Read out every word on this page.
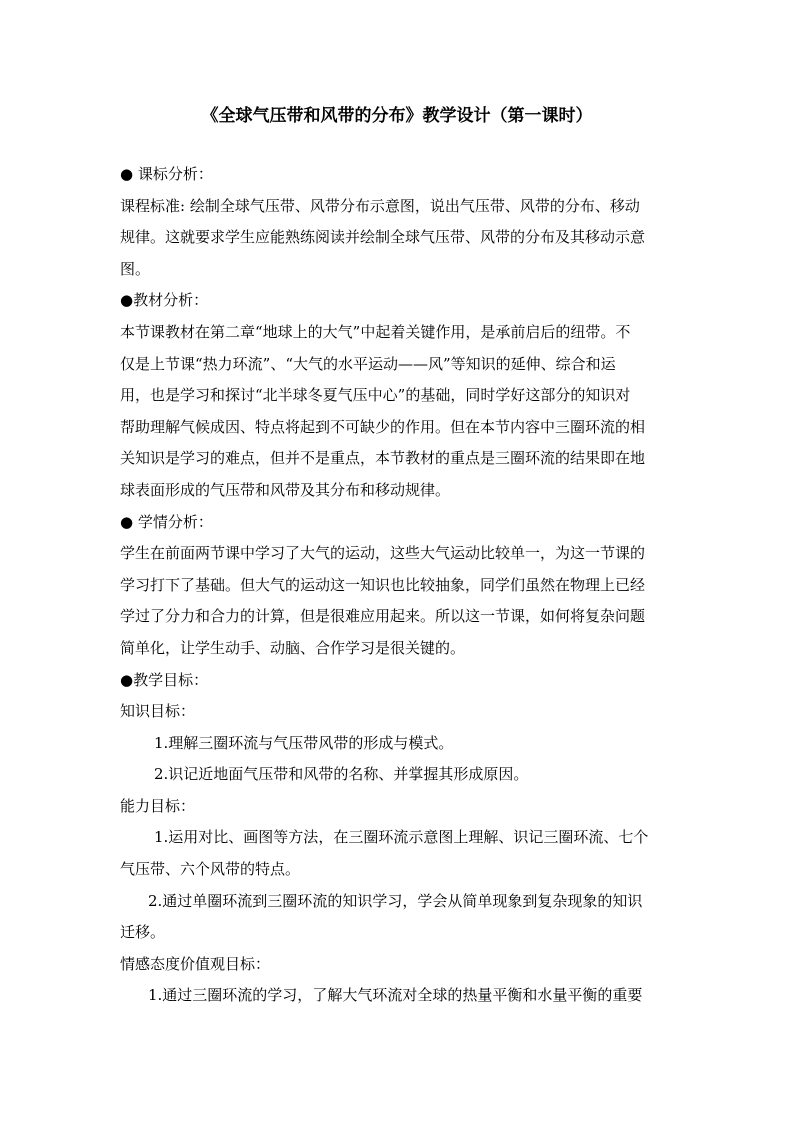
《全球气压带和风带的分布》教学设计（第一课时）
● 课标分析：
课程标准: 绘制全球气压带、风带分布示意图，说出气压带、风带的分布、移动
规律。这就要求学生应能熟练阅读并绘制全球气压带、风带的分布及其移动示意
图。
●教材分析：
本节课教材在第二章“地球上的大气”中起着关键作用，是承前启后的纽带。不
仅是上节课“热力环流”、“大气的水平运动——风”等知识的延伸、综合和运
用，也是学习和探讨“北半球冬夏气压中心”的基础，同时学好这部分的知识对
帮助理解气候成因、特点将起到不可缺少的作用。但在本节内容中三圈环流的相
关知识是学习的难点，但并不是重点，本节教材的重点是三圈环流的结果即在地
球表面形成的气压带和风带及其分布和移动规律。
● 学情分析：
学生在前面两节课中学习了大气的运动，这些大气运动比较单一，为这一节课的
学习打下了基础。但大气的运动这一知识也比较抽象，同学们虽然在物理上已经
学过了分力和合力的计算，但是很难应用起来。所以这一节课，如何将复杂问题
简单化，让学生动手、动脑、合作学习是很关键的。
●教学目标：
知识目标：
1.理解三圈环流与气压带风带的形成与模式。
2.识记近地面气压带和风带的名称、并掌握其形成原因。
能力目标：
1.运用对比、画图等方法，在三圈环流示意图上理解、识记三圈环流、七个
气压带、六个风带的特点。
2.通过单圈环流到三圈环流的知识学习，学会从简单现象到复杂现象的知识
迁移。
情感态度价值观目标：
1.通过三圈环流的学习，了解大气环流对全球的热量平衡和水量平衡的重要
